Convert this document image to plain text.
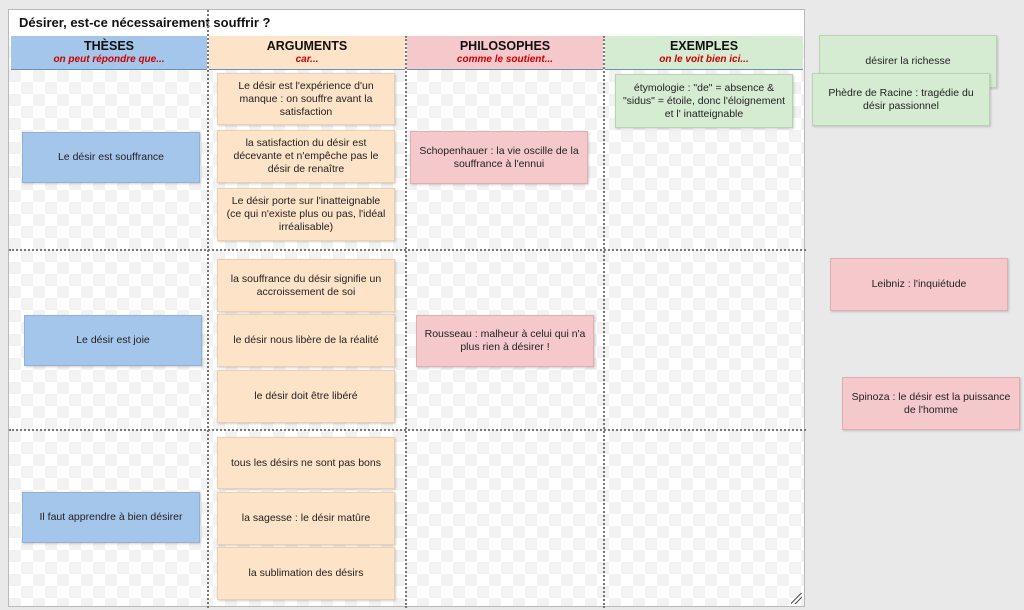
Désirer, est-ce nécessairement souffrir ?
THÈSES
on peut répondre que...
ARGUMENTS
car...
PHILOSOPHES
comme le soutient...
EXEMPLES
on le voit bien ici...
Le désir est souffrance
Le désir est joie
Il faut apprendre à bien désirer
Le désir est l'expérience d'un manque : on souffre avant la satisfaction
la satisfaction du désir est décevante et n'empêche pas le désir de renaître
Le désir porte sur l'inatteignable (ce qui n'existe plus ou pas, l'idéal irréalisable)
la souffrance du désir signifie un accroissement de soi
le désir nous libère de la réalité
le désir doit être libéré
tous les désirs ne sont pas bons
la sagesse : le désir matûre
la sublimation des désirs
Schopenhauer : la vie oscille de la souffrance à l'ennui
Rousseau : malheur à celui qui n'a plus rien à désirer !
étymologie : "de" = absence & "sidus" = étoile, donc l'éloignement et l' inatteignable
désirer la richesse
Phèdre de Racine : tragédie du désir passionnel
Leibniz : l'inquiétude
Spinoza : le désir est la puissance de l'homme
